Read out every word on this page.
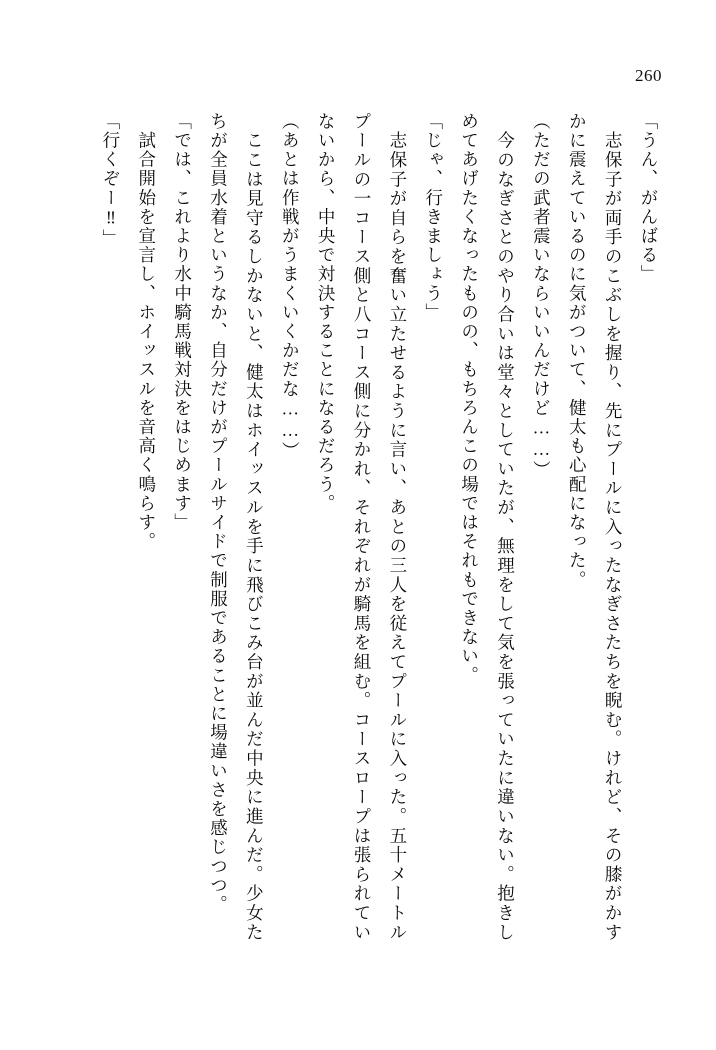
260

「うん、がんばる」

　志保子が両手のこぶしを握り、先にプールに入ったなぎさたちを睨む。けれど、その膝がかすかに震えているのに気がついて、健太も心配になった。

（ただの武者震いならいいんだけど……）

　今のなぎさとのやり合いは堂々としていたが、無理をして気を張っていたに違いない。抱きしめてあげたくなったものの、もちろんこの場ではそれもできない。

「じゃ、行きましょう」

　志保子が自らを奮い立たせるように言い、あとの三人を従えてプールに入った。五十メートルプールの一コース側と八コース側に分かれ、それぞれが騎馬を組む。コースロープは張られていないから、中央で対決することになるだろう。

（あとは作戦がうまくいくかだな……）

　ここは見守るしかないと、健太はホイッスルを手に飛びこみ台が並んだ中央に進んだ。少女たちが全員水着というなか、自分だけがプールサイドで制服であることに場違いさを感じつつ。

「では、これより水中騎馬戦対決をはじめます」

　試合開始を宣言し、ホイッスルを音高く鳴らす。

「行くぞー‼」
